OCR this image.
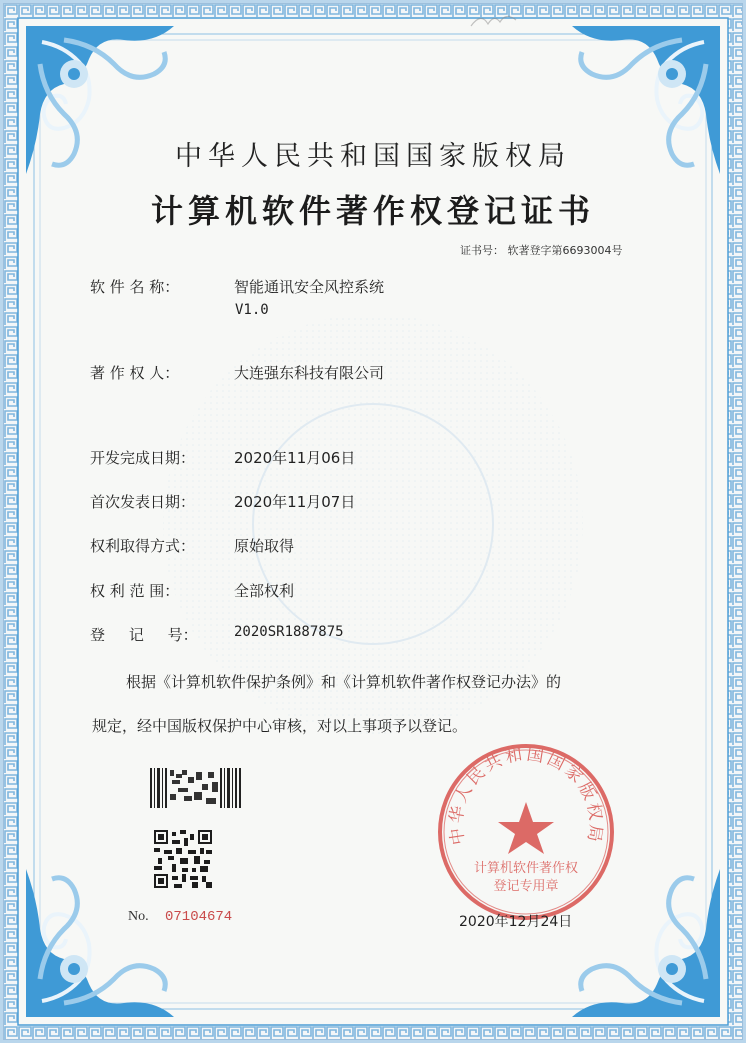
中华人民共和国国家版权局
计算机软件著作权登记证书
证书号： 软著登字第6693004号
软 件 名 称：	智能通讯安全风控系统
V1.0
著 作 权 人：	大连强东科技有限公司
开发完成日期：	2020年11月06日
首次发表日期：	2020年11月07日
权利取得方式：	原始取得
权 利 范 围：	全部权利
登     记     号：	2020SR1887875
根据《计算机软件保护条例》和《计算机软件著作权登记办法》的
规定，经中国版权保护中心审核，对以上事项予以登记。
No. 07104674
中华人民共和国国家版权局
计算机软件著作权
登记专用章
2020年12月24日
